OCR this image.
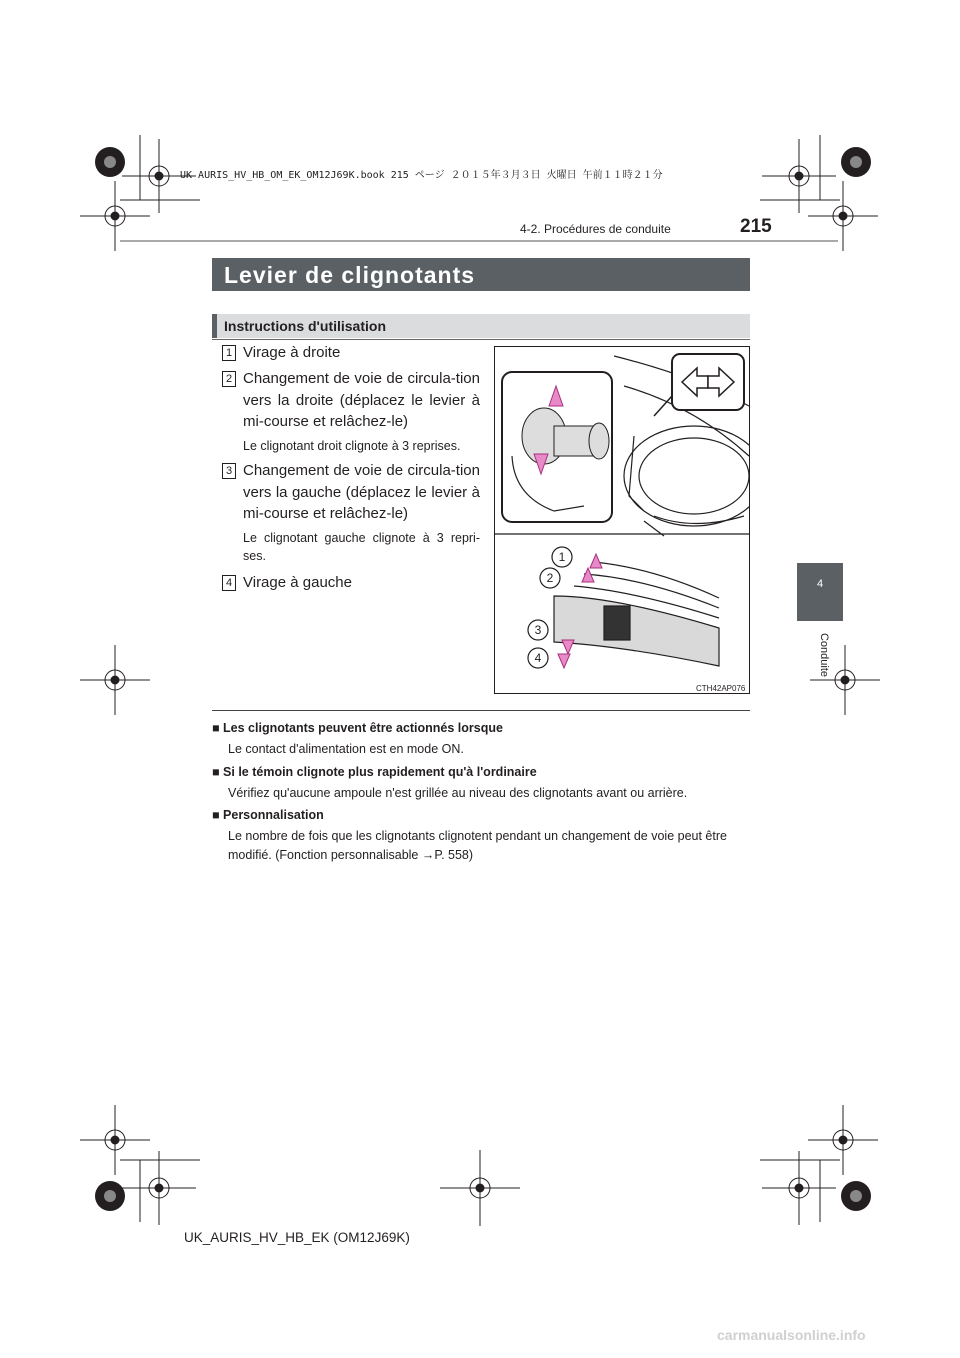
UK AURIS_HV_HB_OM_EK_OM12J69K.book 215 ページ ２０１５年３月３日 火曜日 午前１１時２１分
4-2. Procédures de conduite	215
4
Conduite
Levier de clignotants
Instructions d'utilisation
1 Virage à droite
2 Changement de voie de circula-tion vers la droite (déplacez le levier à mi-course et relâchez-le)
Le clignotant droit clignote à 3 reprises.
3 Changement de voie de circula-tion vers la gauche (déplacez le levier à mi-course et relâchez-le)
Le clignotant gauche clignote à 3 repri-ses.
4 Virage à gauche
1
2
3
4
CTH42AP076
■ Les clignotants peuvent être actionnés lorsque
Le contact d'alimentation est en mode ON.
■ Si le témoin clignote plus rapidement qu'à l'ordinaire
Vérifiez qu'aucune ampoule n'est grillée au niveau des clignotants avant ou arrière.
■ Personnalisation
Le nombre de fois que les clignotants clignotent pendant un changement de voie peut être modifié. (Fonction personnalisable →P. 558)
UK_AURIS_HV_HB_EK (OM12J69K)
carmanualsonline.info
